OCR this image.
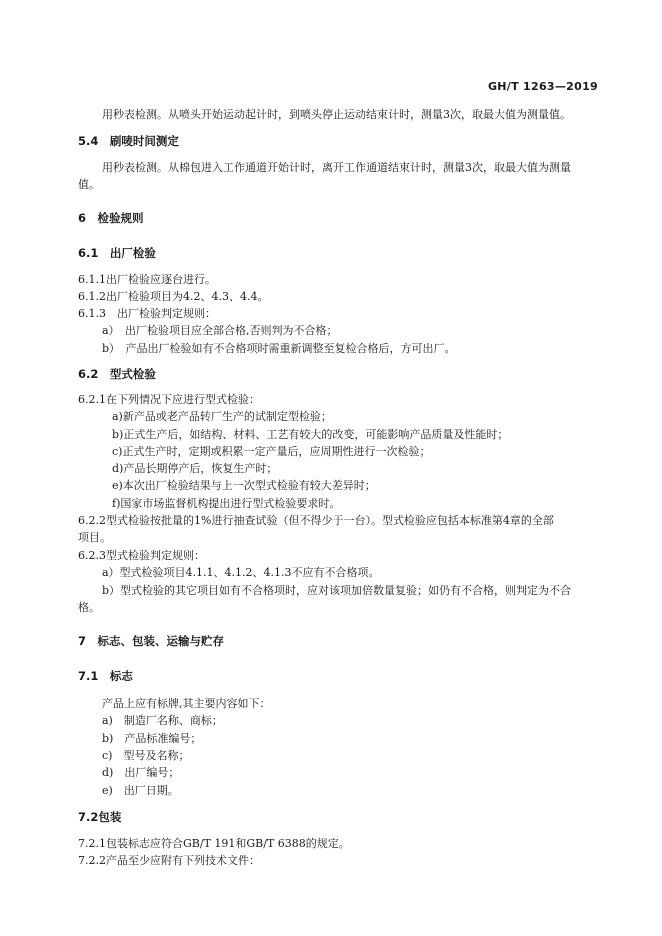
GH/T 1263—2019
用秒表检测。从喷头开始运动起计时，到喷头停止运动结束计时，测量3次，取最大值为测量值。
5.4　刷唛时间测定
用秒表检测。从棉包进入工作通道开始计时，离开工作通道结束计时，测量3次，取最大值为测量
值。
6　检验规则
6.1　出厂检验
6.1.1出厂检验应逐台进行。
6.1.2出厂检验项目为4.2、4.3、4.4。
6.1.3　出厂检验判定规则：
a）　出厂检验项目应全部合格,否则判为不合格；
b）　产品出厂检验如有不合格项时需重新调整至复检合格后，方可出厂。
6.2　型式检验
6.2.1在下列情况下应进行型式检验：
a)新产品或老产品转厂生产的试制定型检验；
b)正式生产后，如结构、材料、工艺有较大的改变，可能影响产品质量及性能时；
c)正式生产时，定期或积累一定产量后，应周期性进行一次检验；
d)产品长期停产后，恢复生产时；
e)本次出厂检验结果与上一次型式检验有较大差异时；
f)国家市场监督机构提出进行型式检验要求时。
6.2.2型式检验按批量的1%进行抽查试验（但不得少于一台）。型式检验应包括本标准第4章的全部
项目。
6.2.3型式检验判定规则：
a）型式检验项目4.1.1、4.1.2、4.1.3不应有不合格项。
b）型式检验的其它项目如有不合格项时，应对该项加倍数量复验；如仍有不合格，则判定为不合
格。
7　标志、包装、运输与贮存
7.1　标志
产品上应有标牌,其主要内容如下：
a)　制造厂名称、商标；
b)　产品标准编号；
c)　型号及名称；
d)　出厂编号；
e)　出厂日期。
7.2包装
7.2.1包装标志应符合GB/T 191和GB/T 6388的规定。
7.2.2产品至少应附有下列技术文件：
